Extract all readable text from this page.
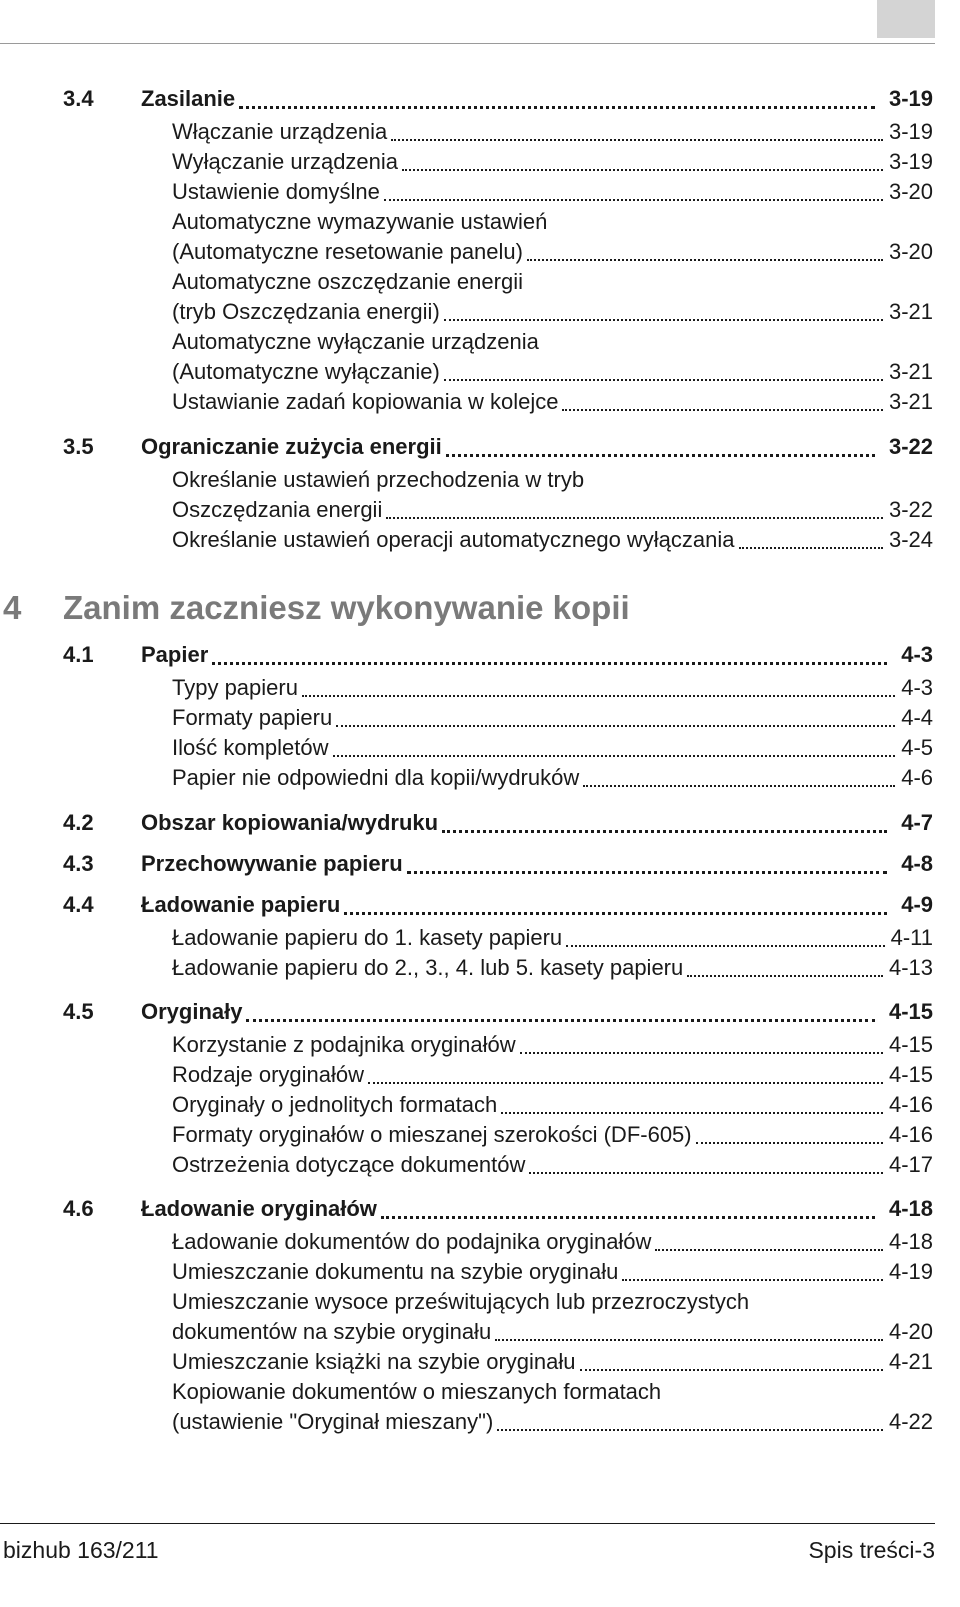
3.4	Zasilanie	3-19
Włączanie urządzenia	3-19
Wyłączanie urządzenia	3-19
Ustawienie domyślne	3-20
Automatyczne wymazywanie ustawień
(Automatyczne resetowanie panelu)	3-20
Automatyczne oszczędzanie energii
(tryb Oszczędzania energii)	3-21
Automatyczne wyłączanie urządzenia
(Automatyczne wyłączanie)	3-21
Ustawianie zadań kopiowania w kolejce	3-21
3.5	Ograniczanie zużycia energii	3-22
Określanie ustawień przechodzenia w tryb
Oszczędzania energii	3-22
Określanie ustawień operacji automatycznego wyłączania	3-24
4 Zanim zaczniesz wykonywanie kopii
4.1	Papier	4-3
Typy papieru	4-3
Formaty papieru	4-4
Ilość kompletów	4-5
Papier nie odpowiedni dla kopii/wydruków	4-6
4.2	Obszar kopiowania/wydruku	4-7
4.3	Przechowywanie papieru	4-8
4.4	Ładowanie papieru	4-9
Ładowanie papieru do 1. kasety papieru	4-11
Ładowanie papieru do 2., 3., 4. lub 5. kasety papieru	4-13
4.5	Oryginały	4-15
Korzystanie z podajnika oryginałów	4-15
Rodzaje oryginałów	4-15
Oryginały o jednolitych formatach	4-16
Formaty oryginałów o mieszanej szerokości (DF-605)	4-16
Ostrzeżenia dotyczące dokumentów	4-17
4.6	Ładowanie oryginałów	4-18
Ładowanie dokumentów do podajnika oryginałów	4-18
Umieszczanie dokumentu na szybie oryginału	4-19
Umieszczanie wysoce prześwitujących lub przezroczystych
dokumentów na szybie oryginału	4-20
Umieszczanie książki na szybie oryginału	4-21
Kopiowanie dokumentów o mieszanych formatach
(ustawienie "Oryginał mieszany")	4-22
bizhub 163/211	Spis treści-3
